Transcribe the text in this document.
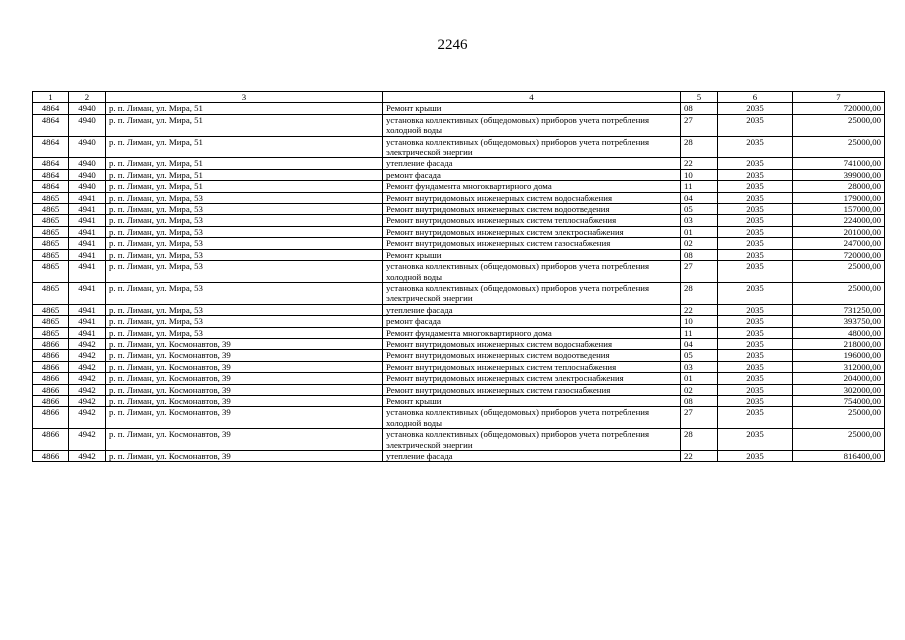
2246
1	2	3	4	5	6	7
4864	4940	р. п. Лиман, ул. Мира, 51	Ремонт крыши	08	2035	720000,00
4864	4940	р. п. Лиман, ул. Мира, 51	установка коллективных (общедомовых) приборов учета потребления холодной воды	27	2035	25000,00
4864	4940	р. п. Лиман, ул. Мира, 51	установка коллективных (общедомовых) приборов учета потребления электрической энергии	28	2035	25000,00
4864	4940	р. п. Лиман, ул. Мира, 51	утепление фасада	22	2035	741000,00
4864	4940	р. п. Лиман, ул. Мира, 51	ремонт фасада	10	2035	399000,00
4864	4940	р. п. Лиман, ул. Мира, 51	Ремонт фундамента многоквартирного дома	11	2035	28000,00
4865	4941	р. п. Лиман, ул. Мира, 53	Ремонт внутридомовых инженерных систем водоснабжения	04	2035	179000,00
4865	4941	р. п. Лиман, ул. Мира, 53	Ремонт внутридомовых инженерных систем водоотведения	05	2035	157000,00
4865	4941	р. п. Лиман, ул. Мира, 53	Ремонт внутридомовых инженерных систем теплоснабжения	03	2035	224000,00
4865	4941	р. п. Лиман, ул. Мира, 53	Ремонт внутридомовых инженерных систем электроснабжения	01	2035	201000,00
4865	4941	р. п. Лиман, ул. Мира, 53	Ремонт внутридомовых инженерных систем газоснабжения	02	2035	247000,00
4865	4941	р. п. Лиман, ул. Мира, 53	Ремонт крыши	08	2035	720000,00
4865	4941	р. п. Лиман, ул. Мира, 53	установка коллективных (общедомовых) приборов учета потребления холодной воды	27	2035	25000,00
4865	4941	р. п. Лиман, ул. Мира, 53	установка коллективных (общедомовых) приборов учета потребления электрической энергии	28	2035	25000,00
4865	4941	р. п. Лиман, ул. Мира, 53	утепление фасада	22	2035	731250,00
4865	4941	р. п. Лиман, ул. Мира, 53	ремонт фасада	10	2035	393750,00
4865	4941	р. п. Лиман, ул. Мира, 53	Ремонт фундамента многоквартирного дома	11	2035	48000,00
4866	4942	р. п. Лиман, ул. Космонавтов, 39	Ремонт внутридомовых инженерных систем водоснабжения	04	2035	218000,00
4866	4942	р. п. Лиман, ул. Космонавтов, 39	Ремонт внутридомовых инженерных систем водоотведения	05	2035	196000,00
4866	4942	р. п. Лиман, ул. Космонавтов, 39	Ремонт внутридомовых инженерных систем теплоснабжения	03	2035	312000,00
4866	4942	р. п. Лиман, ул. Космонавтов, 39	Ремонт внутридомовых инженерных систем электроснабжения	01	2035	204000,00
4866	4942	р. п. Лиман, ул. Космонавтов, 39	Ремонт внутридомовых инженерных систем газоснабжения	02	2035	302000,00
4866	4942	р. п. Лиман, ул. Космонавтов, 39	Ремонт крыши	08	2035	754000,00
4866	4942	р. п. Лиман, ул. Космонавтов, 39	установка коллективных (общедомовых) приборов учета потребления холодной воды	27	2035	25000,00
4866	4942	р. п. Лиман, ул. Космонавтов, 39	установка коллективных (общедомовых) приборов учета потребления электрической энергии	28	2035	25000,00
4866	4942	р. п. Лиман, ул. Космонавтов, 39	утепление фасада	22	2035	816400,00
